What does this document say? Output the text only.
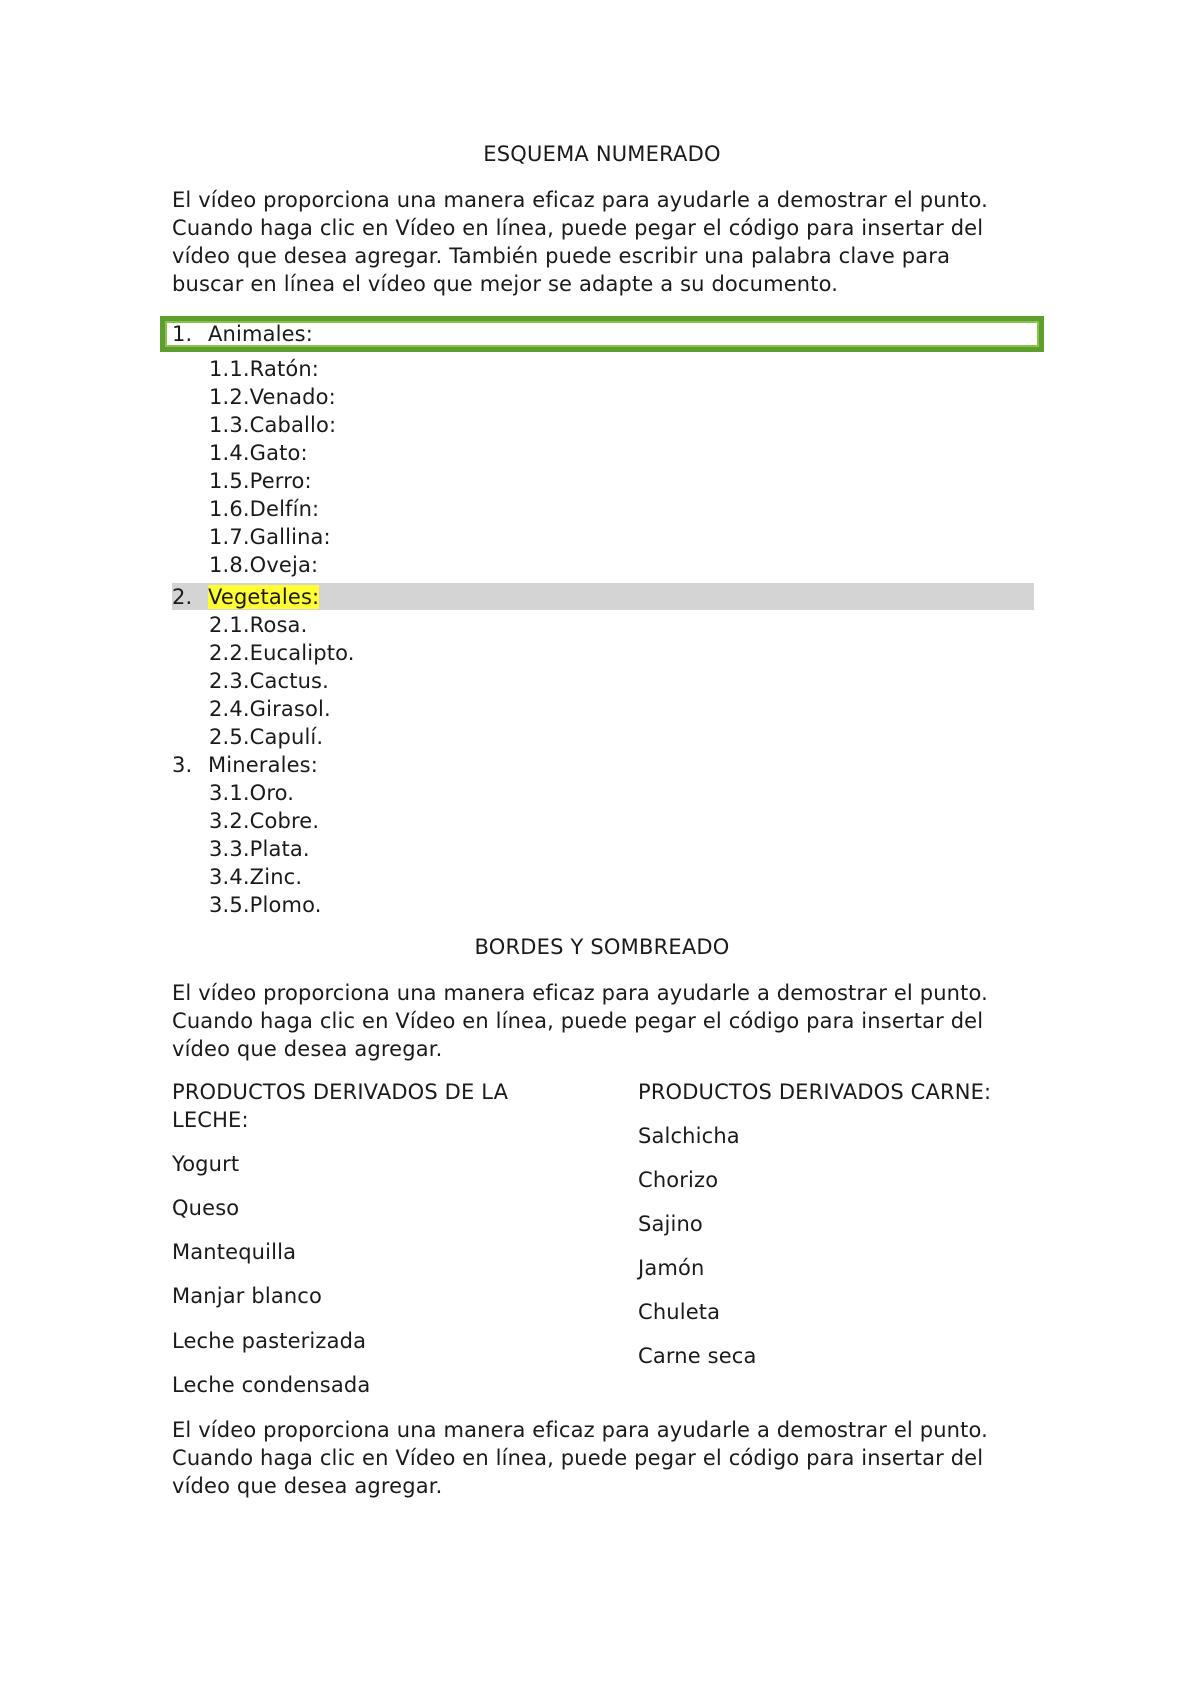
ESQUEMA NUMERADO
El vídeo proporciona una manera eficaz para ayudarle a demostrar el punto.
Cuando haga clic en Vídeo en línea, puede pegar el código para insertar del
vídeo que desea agregar. También puede escribir una palabra clave para
buscar en línea el vídeo que mejor se adapte a su documento.
1. Animales:
1.1.Ratón:
1.2.Venado:
1.3.Caballo:
1.4.Gato:
1.5.Perro:
1.6.Delfín:
1.7.Gallina:
1.8.Oveja:
2. Vegetales:
2.1.Rosa.
2.2.Eucalipto.
2.3.Cactus.
2.4.Girasol.
2.5.Capulí.
3. Minerales:
3.1.Oro.
3.2.Cobre.
3.3.Plata.
3.4.Zinc.
3.5.Plomo.
BORDES Y SOMBREADO
El vídeo proporciona una manera eficaz para ayudarle a demostrar el punto.
Cuando haga clic en Vídeo en línea, puede pegar el código para insertar del
vídeo que desea agregar.
PRODUCTOS DERIVADOS DE LA
LECHE:
Yogurt
Queso
Mantequilla
Manjar blanco
Leche pasterizada
Leche condensada
PRODUCTOS DERIVADOS CARNE:
Salchicha
Chorizo
Sajino
Jamón
Chuleta
Carne seca
El vídeo proporciona una manera eficaz para ayudarle a demostrar el punto.
Cuando haga clic en Vídeo en línea, puede pegar el código para insertar del
vídeo que desea agregar.
